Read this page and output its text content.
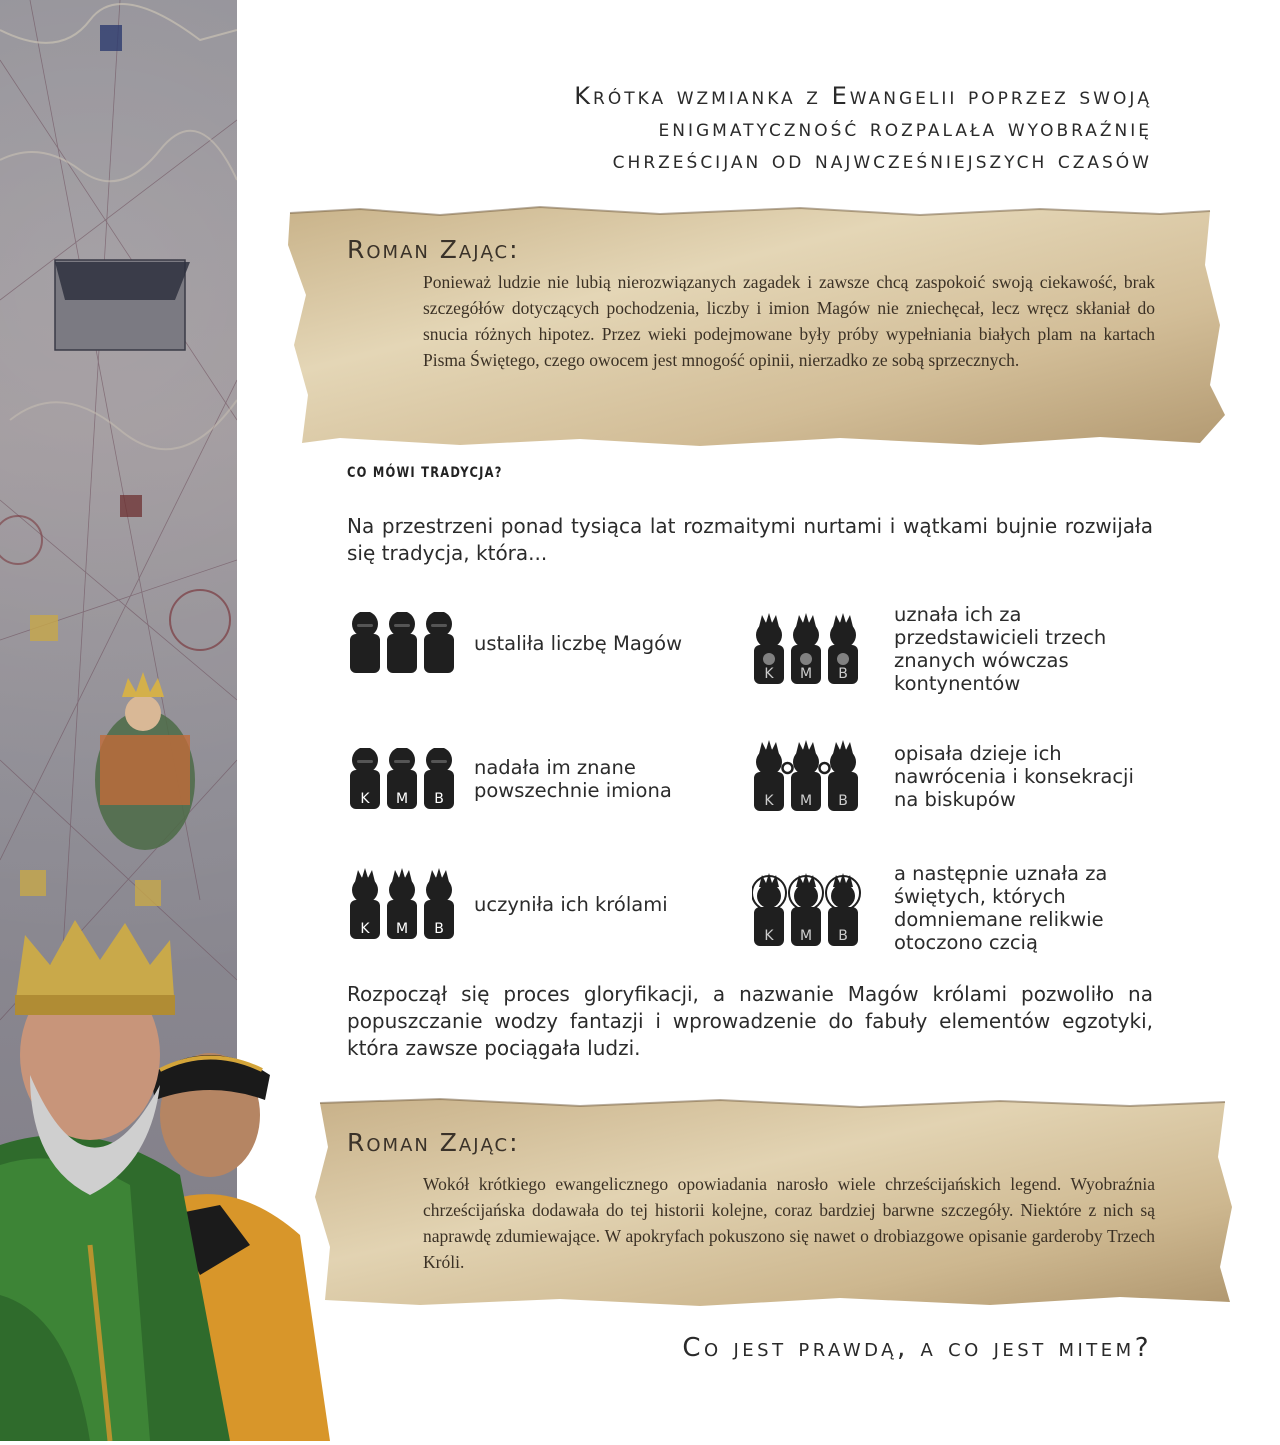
Krótka wzmianka z Ewangelii poprzez swoją
enigmatyczność rozpalała wyobraźnię
chrześcijan od najwcześniejszych czasów
Roman Zając:
Ponieważ ludzie nie lubią nierozwiązanych zagadek i zawsze chcą zaspokoić swoją ciekawość, brak szczegółów dotyczących pochodzenia, liczby i imion Magów nie zniechęcał, lecz wręcz skłaniał do snucia różnych hipotez. Przez wieki podejmowane były próby wypełniania białych plam na kartach Pisma Świętego, czego owocem jest mnogość opinii, nierzadko ze sobą sprzecznych.
CO MÓWI TRADYCJA?
Na przestrzeni ponad tysiąca lat rozmaitymi nurtami i wątkami bujnie rozwijała się tradycja, która...
ustaliła liczbę Magów
K M B
nadała im znane powszechnie imiona
K M B
uczyniła ich królami
K M B
uznała ich za przedstawicieli trzech znanych wówczas kontynentów
K M B
opisała dzieje ich nawrócenia i konsekracji na biskupów
K M B
a następnie uznała za świętych, których domniemane relikwie otoczono czcią
Rozpoczął się proces gloryfikacji, a nazwanie Magów królami pozwoliło na popuszczanie wodzy fantazji i wprowadzenie do fabuły elementów egzotyki, która zawsze pociągała ludzi.
Roman Zając:
Wokół krótkiego ewangelicznego opowiadania narosło wiele chrześcijańskich legend. Wyobraźnia chrześcijańska dodawała do tej historii kolejne, coraz bardziej barwne szczegóły. Niektóre z nich są naprawdę zdumiewające. W apokryfach pokuszono się nawet o drobiazgowe opisanie garderoby Trzech Króli.
Co jest prawdą, a co jest mitem?
